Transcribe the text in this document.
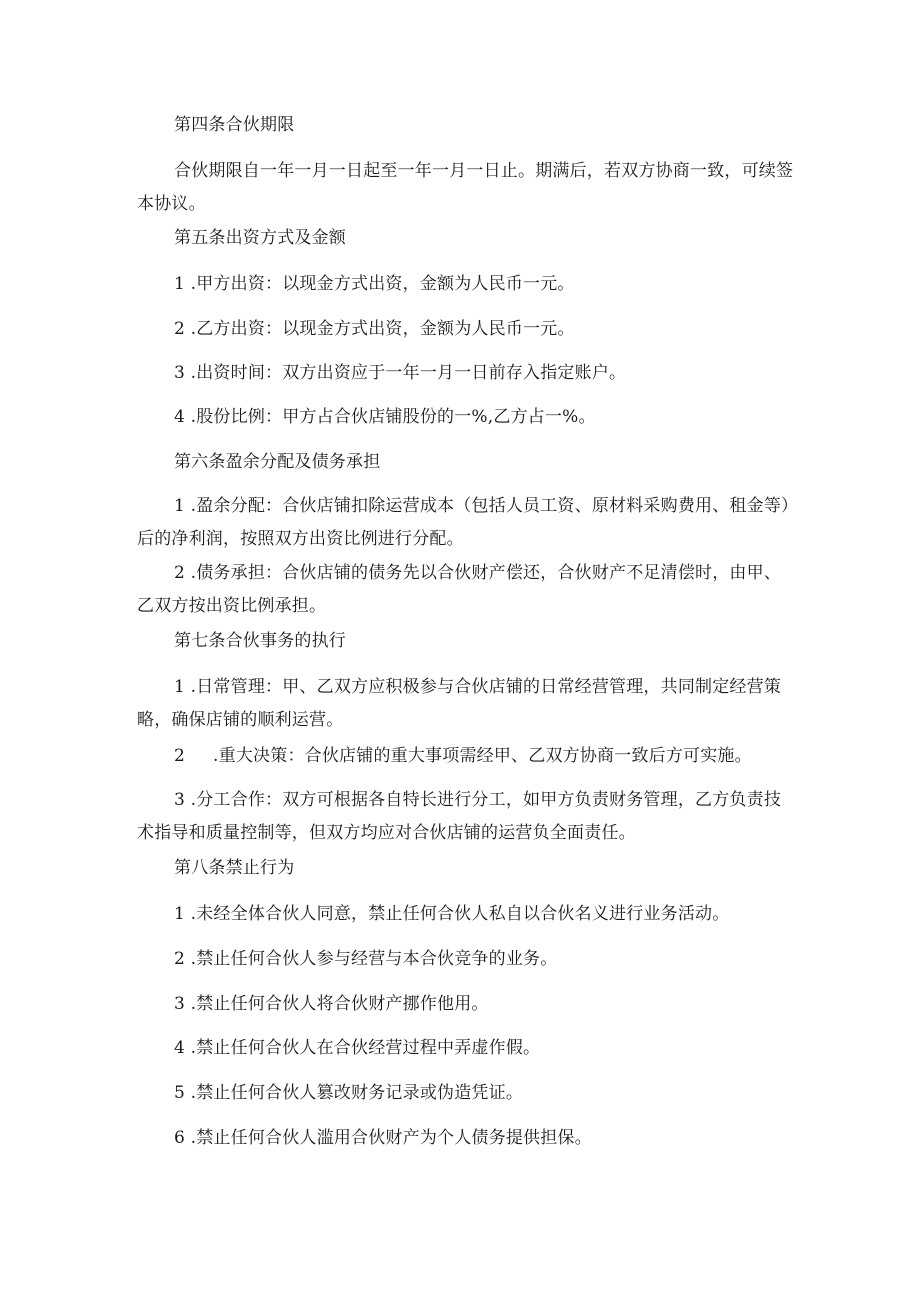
第四条合伙期限

合伙期限自一年一月一日起至一年一月一日止。期满后，若双方协商一致，可续签本协议。

第五条出资方式及金额

1 .甲方出资：以现金方式出资，金额为人民币一元。

2 .乙方出资：以现金方式出资，金额为人民币一元。

3 .出资时间：双方出资应于一年一月一日前存入指定账户。

4 .股份比例：甲方占合伙店铺股份的一%,乙方占一%。

第六条盈余分配及债务承担

1 .盈余分配：合伙店铺扣除运营成本（包括人员工资、原材料采购费用、租金等）后的净利润，按照双方出资比例进行分配。

2 .债务承担：合伙店铺的债务先以合伙财产偿还，合伙财产不足清偿时，由甲、乙双方按出资比例承担。

第七条合伙事务的执行

1 .日常管理：甲、乙双方应积极参与合伙店铺的日常经营管理，共同制定经营策略，确保店铺的顺利运营。

2     .重大决策：合伙店铺的重大事项需经甲、乙双方协商一致后方可实施。

3 .分工合作：双方可根据各自特长进行分工，如甲方负责财务管理，乙方负责技术指导和质量控制等，但双方均应对合伙店铺的运营负全面责任。

第八条禁止行为

1 .未经全体合伙人同意，禁止任何合伙人私自以合伙名义进行业务活动。

2 .禁止任何合伙人参与经营与本合伙竞争的业务。

3 .禁止任何合伙人将合伙财产挪作他用。

4 .禁止任何合伙人在合伙经营过程中弄虚作假。

5 .禁止任何合伙人篡改财务记录或伪造凭证。

6 .禁止任何合伙人滥用合伙财产为个人债务提供担保。
